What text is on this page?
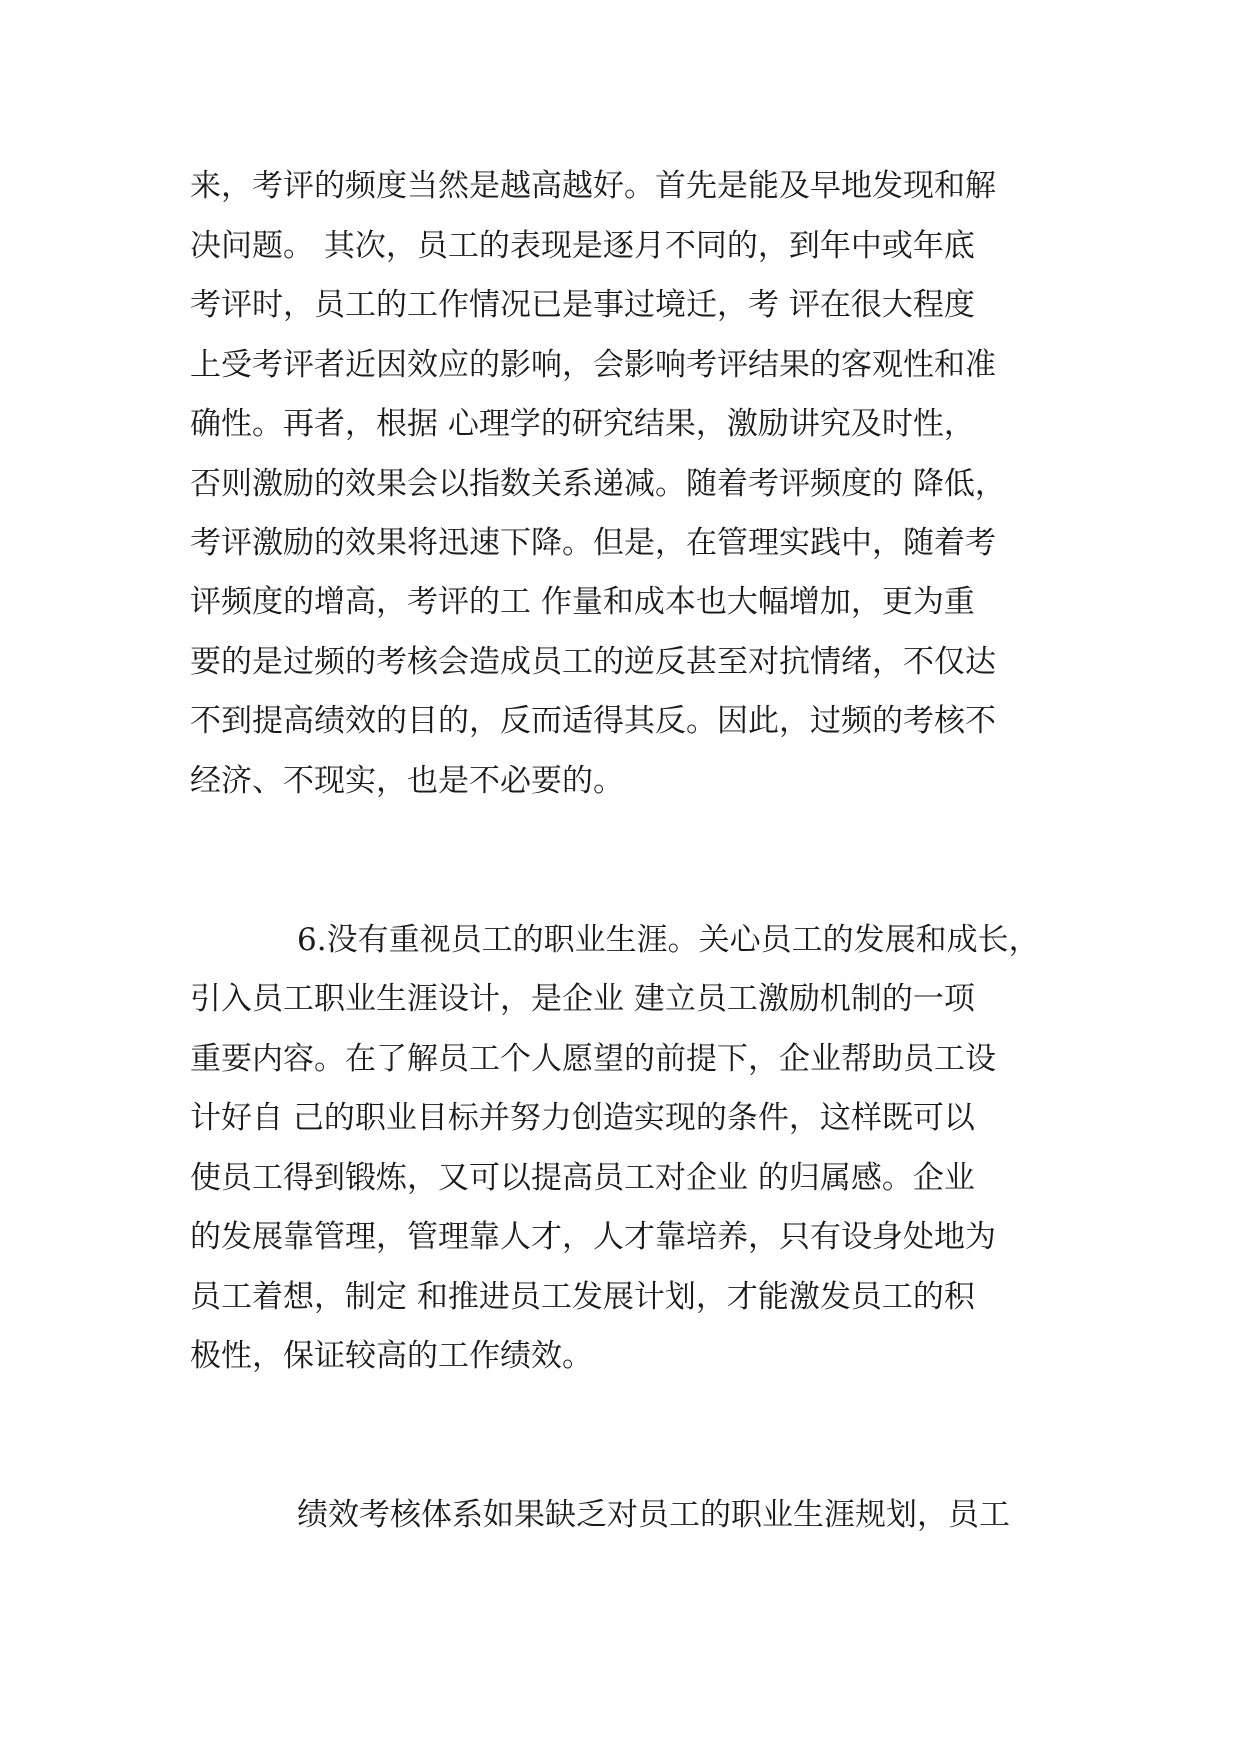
来，考评的频度当然是越高越好。首先是能及早地发现和解

决问题。 其次，员工的表现是逐月不同的，到年中或年底

考评时，员工的工作情况已是事过境迁，考 评在很大程度

上受考评者近因效应的影响，会影响考评结果的客观性和准

确性。再者，根据 心理学的研究结果，激励讲究及时性，

否则激励的效果会以指数关系递减。随着考评频度的 降低，

考评激励的效果将迅速下降。但是，在管理实践中，随着考

评频度的增高，考评的工 作量和成本也大幅增加，更为重

要的是过频的考核会造成员工的逆反甚至对抗情绪，不仅达

不到提高绩效的目的，反而适得其反。因此，过频的考核不

经济、不现实，也是不必要的。

6.没有重视员工的职业生涯。关心员工的发展和成长，

引入员工职业生涯设计，是企业 建立员工激励机制的一项

重要内容。在了解员工个人愿望的前提下，企业帮助员工设

计好自 己的职业目标并努力创造实现的条件，这样既可以

使员工得到锻炼，又可以提高员工对企业 的归属感。企业

的发展靠管理，管理靠人才，人才靠培养，只有设身处地为

员工着想，制定 和推进员工发展计划，才能激发员工的积

极性，保证较高的工作绩效。

绩效考核体系如果缺乏对员工的职业生涯规划，员工
